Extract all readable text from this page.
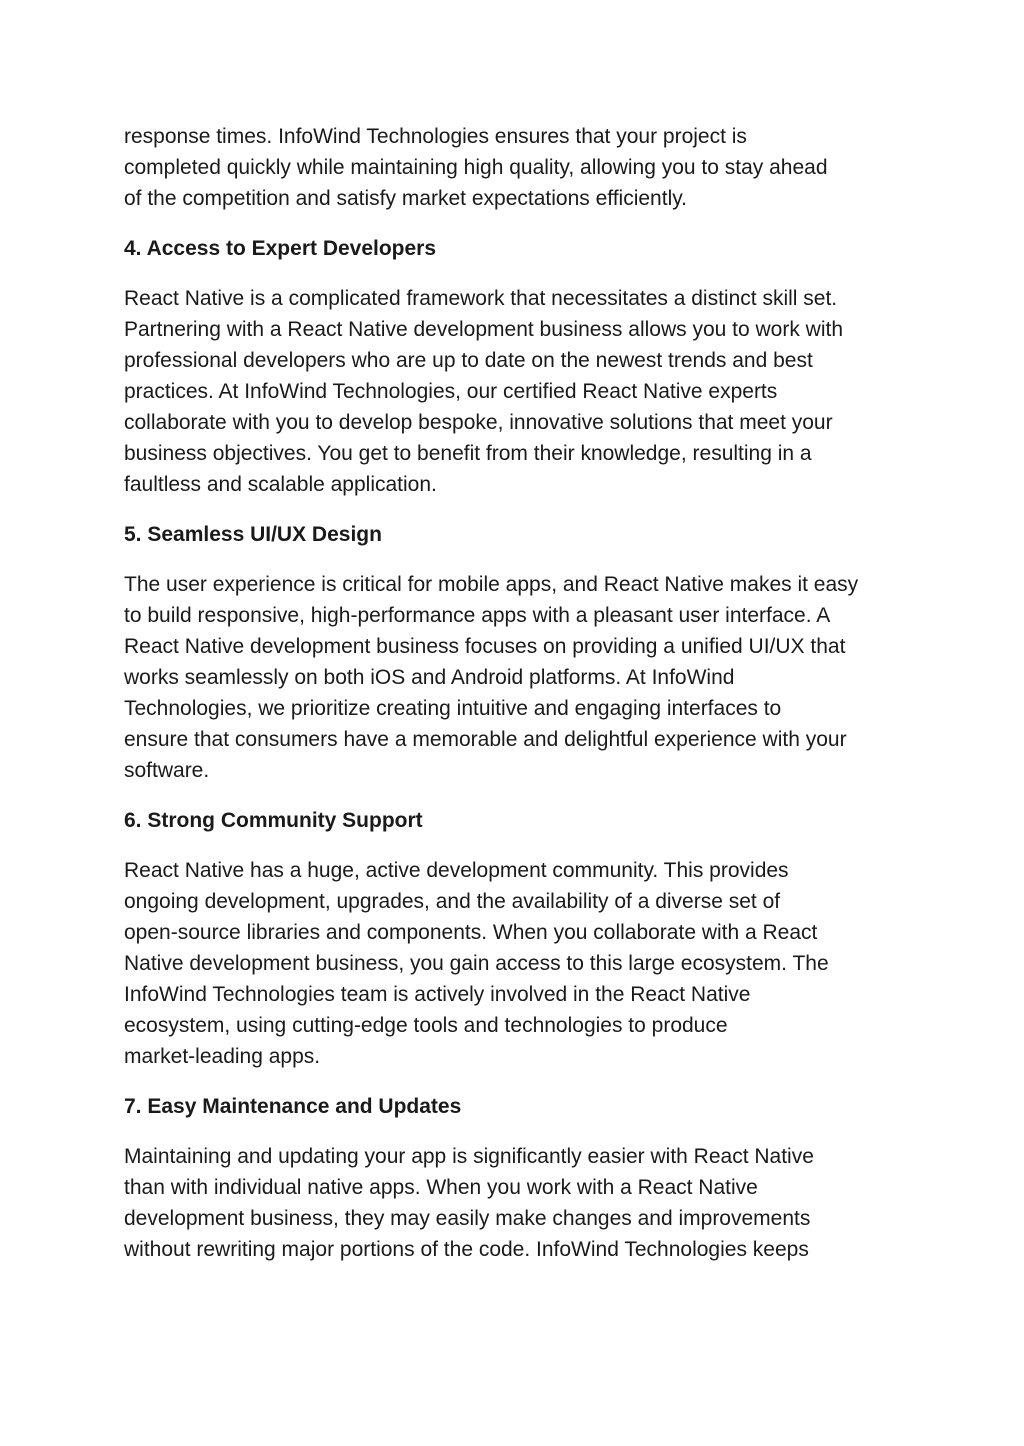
response times. InfoWind Technologies ensures that your project is
completed quickly while maintaining high quality, allowing you to stay ahead
of the competition and satisfy market expectations efficiently.

4. Access to Expert Developers

React Native is a complicated framework that necessitates a distinct skill set.
Partnering with a React Native development business allows you to work with
professional developers who are up to date on the newest trends and best
practices. At InfoWind Technologies, our certified React Native experts
collaborate with you to develop bespoke, innovative solutions that meet your
business objectives. You get to benefit from their knowledge, resulting in a
faultless and scalable application.

5. Seamless UI/UX Design

The user experience is critical for mobile apps, and React Native makes it easy
to build responsive, high-performance apps with a pleasant user interface. A
React Native development business focuses on providing a unified UI/UX that
works seamlessly on both iOS and Android platforms. At InfoWind
Technologies, we prioritize creating intuitive and engaging interfaces to
ensure that consumers have a memorable and delightful experience with your
software.

6. Strong Community Support

React Native has a huge, active development community. This provides
ongoing development, upgrades, and the availability of a diverse set of
open-source libraries and components. When you collaborate with a React
Native development business, you gain access to this large ecosystem. The
InfoWind Technologies team is actively involved in the React Native
ecosystem, using cutting-edge tools and technologies to produce
market-leading apps.

7. Easy Maintenance and Updates

Maintaining and updating your app is significantly easier with React Native
than with individual native apps. When you work with a React Native
development business, they may easily make changes and improvements
without rewriting major portions of the code. InfoWind Technologies keeps
